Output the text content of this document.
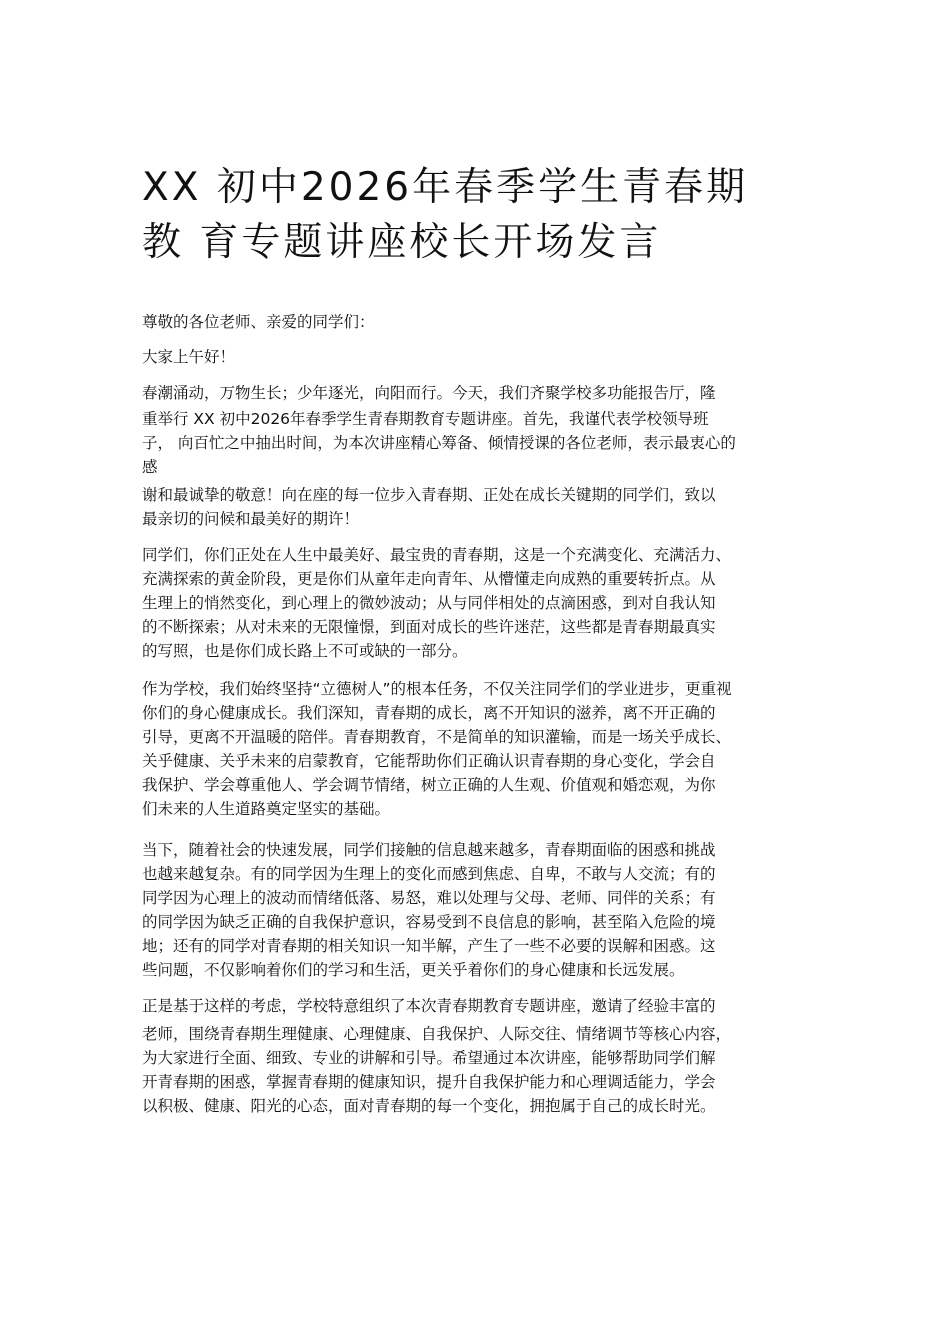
XX 初中2026年春季学生青春期
教 育专题讲座校长开场发言

尊敬的各位老师、亲爱的同学们：

大家上午好！

春潮涌动，万物生长；少年逐光，向阳而行。今天，我们齐聚学校多功能报告厅，隆
重举行 XX 初中2026年春季学生青春期教育专题讲座。首先，我谨代表学校领导班
子， 向百忙之中抽出时间，为本次讲座精心筹备、倾情授课的各位老师，表示最衷心的
感
谢和最诚挚的敬意！向在座的每一位步入青春期、正处在成长关键期的同学们，致以
最亲切的问候和最美好的期许！

同学们，你们正处在人生中最美好、最宝贵的青春期，这是一个充满变化、充满活力、
充满探索的黄金阶段，更是你们从童年走向青年、从懵懂走向成熟的重要转折点。从
生理上的悄然变化，到心理上的微妙波动；从与同伴相处的点滴困惑，到对自我认知
的不断探索；从对未来的无限憧憬，到面对成长的些许迷茫，这些都是青春期最真实
的写照，也是你们成长路上不可或缺的一部分。

作为学校，我们始终坚持“立德树人”的根本任务，不仅关注同学们的学业进步，更重视
你们的身心健康成长。我们深知，青春期的成长，离不开知识的滋养，离不开正确的
引导，更离不开温暖的陪伴。青春期教育，不是简单的知识灌输，而是一场关乎成长、
关乎健康、关乎未来的启蒙教育，它能帮助你们正确认识青春期的身心变化，学会自
我保护、学会尊重他人、学会调节情绪，树立正确的人生观、价值观和婚恋观，为你
们未来的人生道路奠定坚实的基础。

当下，随着社会的快速发展，同学们接触的信息越来越多，青春期面临的困惑和挑战
也越来越复杂。有的同学因为生理上的变化而感到焦虑、自卑，不敢与人交流；有的
同学因为心理上的波动而情绪低落、易怒，难以处理与父母、老师、同伴的关系；有
的同学因为缺乏正确的自我保护意识，容易受到不良信息的影响，甚至陷入危险的境
地；还有的同学对青春期的相关知识一知半解，产生了一些不必要的误解和困惑。这
些问题，不仅影响着你们的学习和生活，更关乎着你们的身心健康和长远发展。

正是基于这样的考虑，学校特意组织了本次青春期教育专题讲座，邀请了经验丰富的
老师，围绕青春期生理健康、心理健康、自我保护、人际交往、情绪调节等核心内容，
为大家进行全面、细致、专业的讲解和引导。希望通过本次讲座，能够帮助同学们解
开青春期的困惑，掌握青春期的健康知识，提升自我保护能力和心理调适能力，学会
以积极、健康、阳光的心态，面对青春期的每一个变化，拥抱属于自己的成长时光。
